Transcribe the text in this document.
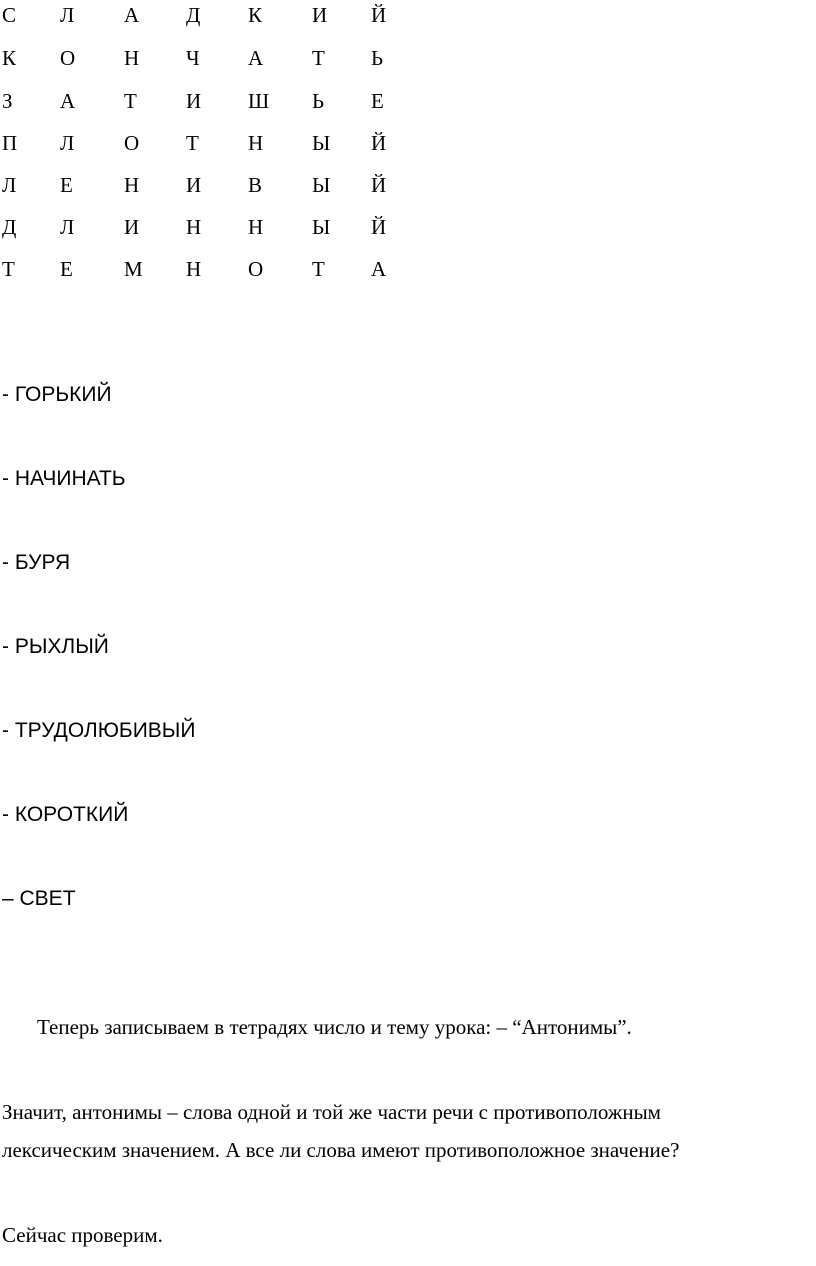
С	Л	А	Д	К	И	Й
К	О	Н	Ч	А	Т	Ь
З	А	Т	И	Ш	Ь	Е
П	Л	О	Т	Н	Ы	Й
Л	Е	Н	И	В	Ы	Й
Д	Л	И	Н	Н	Ы	Й
Т	Е	М	Н	О	Т	А
- ГОРЬКИЙ
- НАЧИНАТЬ
- БУРЯ
- РЫХЛЫЙ
- ТРУДОЛЮБИВЫЙ
- КОРОТКИЙ
– СВЕТ
Теперь записываем в тетрадях число и тему урока: – “Антонимы”.
Значит, антонимы – слова одной и той же части речи с противоположным
лексическим значением. А все ли слова имеют противоположное значение?
Сейчас проверим.
